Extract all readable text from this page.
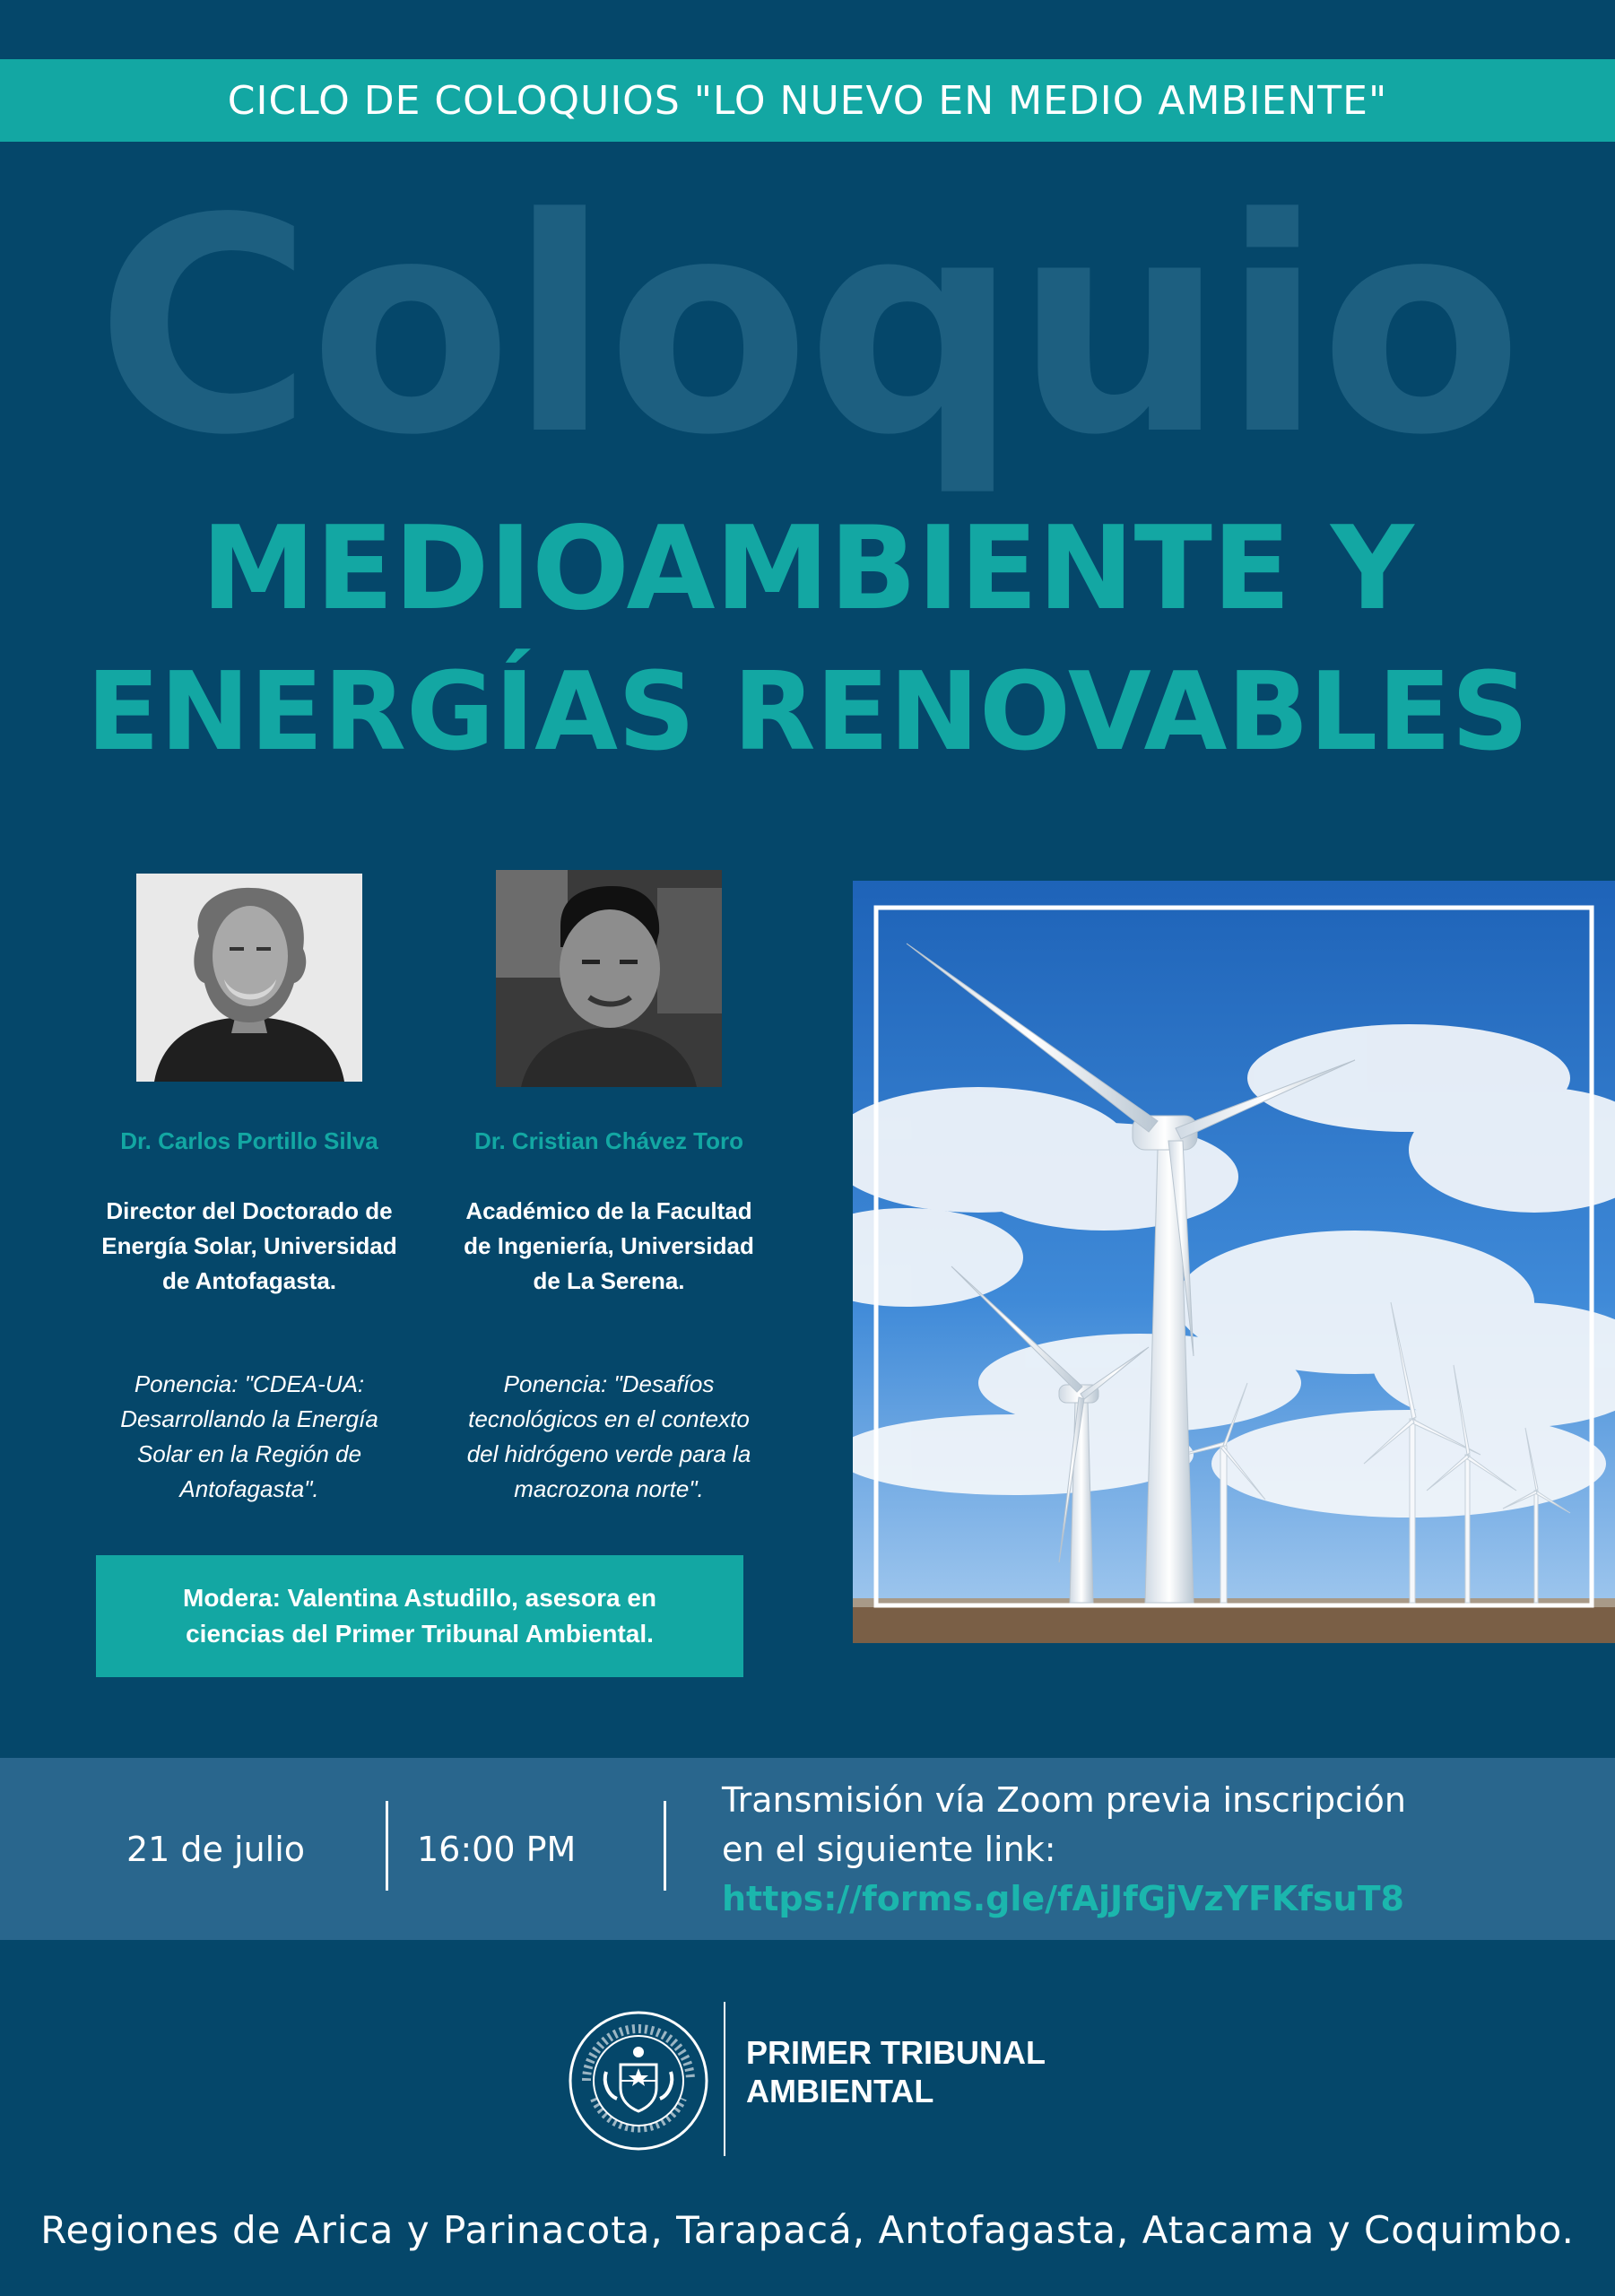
CICLO DE COLOQUIOS "LO NUEVO EN MEDIO AMBIENTE"
Coloquio
MEDIOAMBIENTE Y
ENERGÍAS RENOVABLES
Dr. Carlos Portillo Silva	Dr. Cristian Chávez Toro
Director del Doctorado de
Energía Solar, Universidad
de Antofagasta.
Académico de la Facultad
de Ingeniería, Universidad
de La Serena.
Ponencia: "CDEA-UA:
Desarrollando la Energía
Solar en la Región de
Antofagasta".
Ponencia: "Desafíos
tecnológicos en el contexto
del hidrógeno verde para la
macrozona norte".
Modera: Valentina Astudillo, asesora en
ciencias del Primer Tribunal Ambiental.
21 de julio	16:00 PM
Transmisión vía Zoom previa inscripción
en el siguiente link:
https://forms.gle/fAjJfGjVzYFKfsuT8
PRIMER TRIBUNAL
AMBIENTAL
Regiones de Arica y Parinacota, Tarapacá, Antofagasta, Atacama y Coquimbo.
